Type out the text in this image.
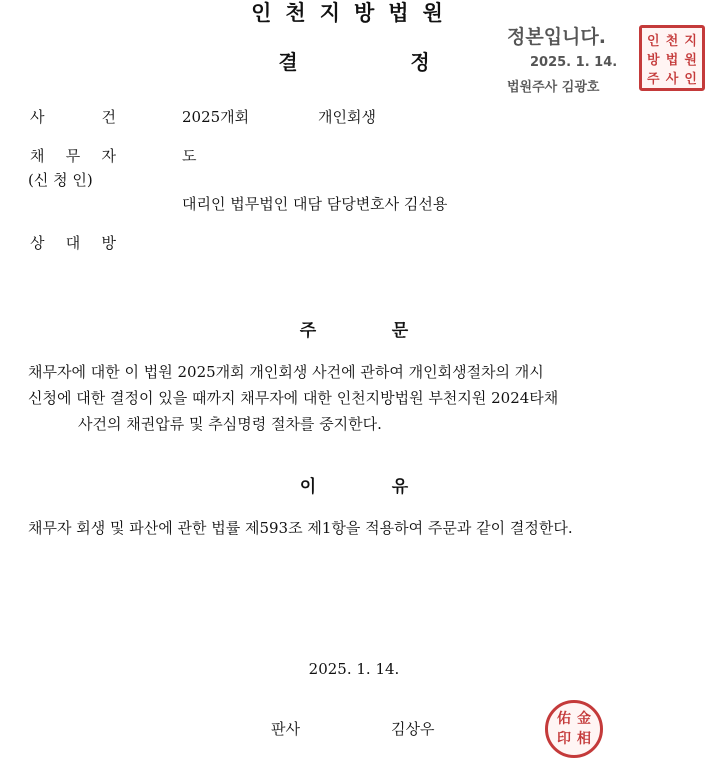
인천지방법원
결	정
정본입니다.
2025. 1. 14.
법원주사 김광호
인 천 지
방 법 원
주 사 인
사	건	2025개회	개인회생
채 무 자	도
(신 청 인)
대리인 법무법인 대담 담당변호사 김선용
상 대 방
주	문
채무자에 대한 이 법원 2025개회 개인회생 사건에 관하여 개인회생절차의 개시
신청에 대한 결정이 있을 때까지 채무자에 대한 인천지방법원 부천지원 2024타채
사건의 채권압류 및 추심명령 절차를 중지한다.
이	유
채무자 회생 및 파산에 관한 법률 제593조 제1항을 적용하여 주문과 같이 결정한다.
2025. 1. 14.
판사	김상우
佑 金
印 相
